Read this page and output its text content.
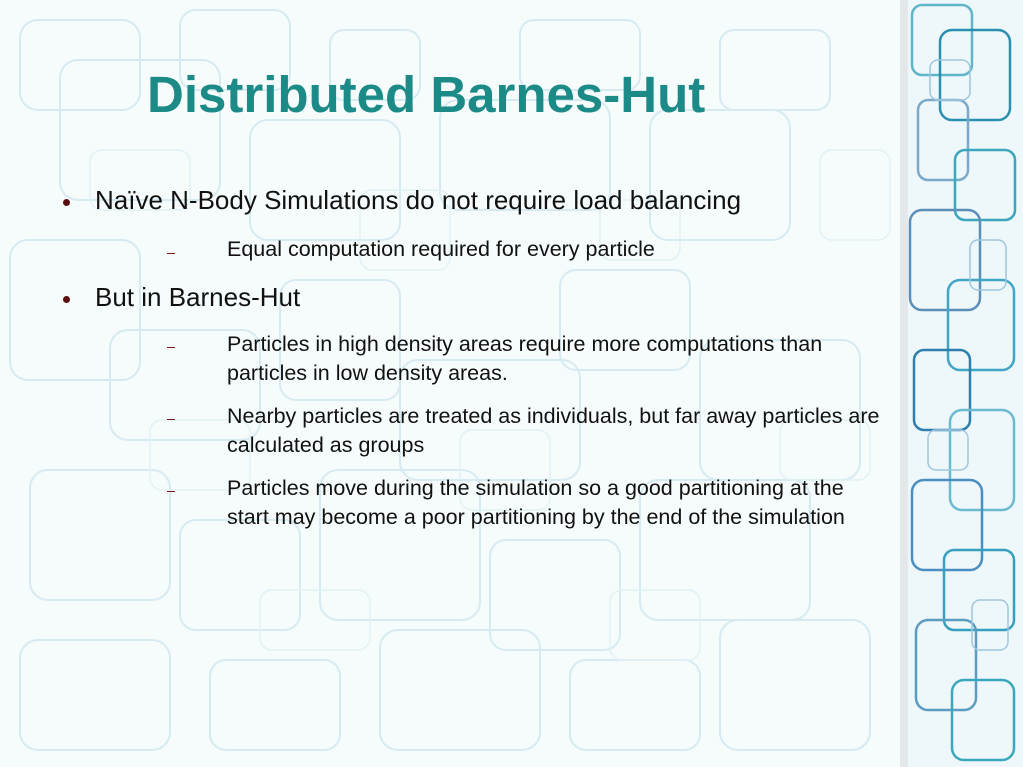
Distributed Barnes-Hut
Naïve N-Body Simulations do not require load balancing
Equal computation required for every particle
But in Barnes-Hut
Particles in high density areas require more computations than particles in low density areas.
Nearby particles are treated as individuals, but far away particles are calculated as groups
Particles move during the simulation so a good partitioning at the start may become a poor partitioning by the end of the simulation
